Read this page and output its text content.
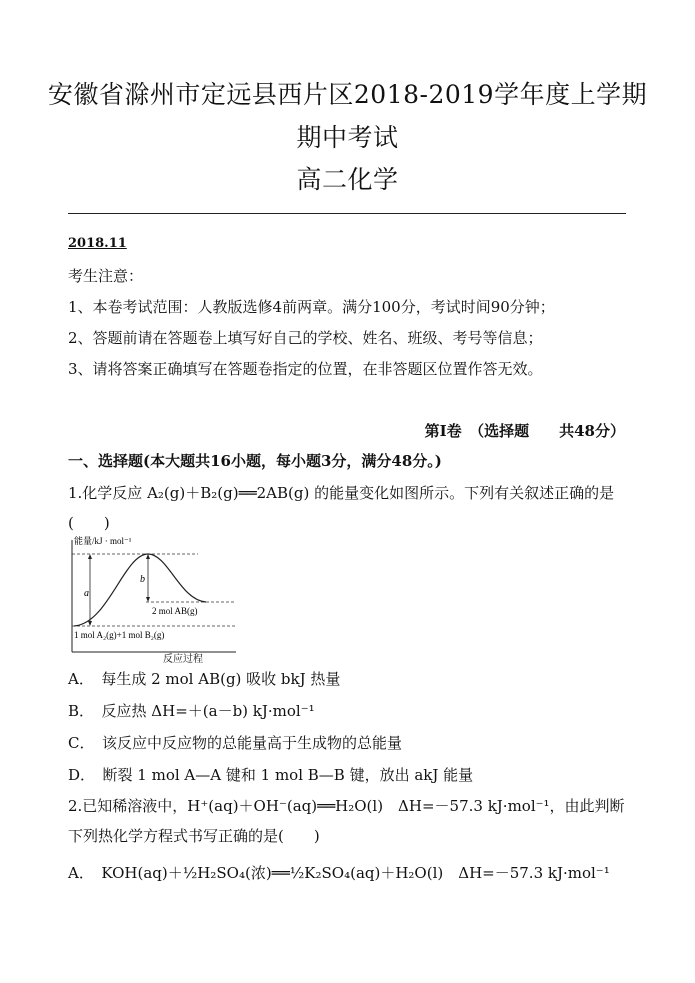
安徽省滁州市定远县西片区2018-2019学年度上学期
期中考试
高二化学
2018.11
考生注意：
1、本卷考试范围：人教版选修4前两章。满分100分，考试时间90分钟；
2、答题前请在答题卷上填写好自己的学校、姓名、班级、考号等信息；
3、请将答案正确填写在答题卷指定的位置，在非答题区位置作答无效。
第I卷　（选择题　　共48分）
一、选择题(本大题共16小题，每小题3分，满分48分。)
1.化学反应 A₂(g)＋B₂(g)══2AB(g) 的能量变化如图所示。下列有关叙述正确的是
(　　)
能量/kJ · mol⁻¹
a
b
2 mol AB(g)
1 mol A₂(g)+1 mol B₂(g)
反应过程
A．　每生成 2 mol AB(g) 吸收 bkJ 热量
B．　反应热 ΔH=＋(a－b) kJ·mol⁻¹
C．　该反应中反应物的总能量高于生成物的总能量
D．　断裂 1 mol A—A 键和 1 mol B—B 键，放出 akJ 能量
2.已知稀溶液中，H⁺(aq)＋OH⁻(aq)══H₂O(l)　ΔH=－57.3 kJ·mol⁻¹，由此判断
下列热化学方程式书写正确的是(　　)
A．　KOH(aq)＋½H₂SO₄(浓)══½K₂SO₄(aq)＋H₂O(l)　ΔH=－57.3 kJ·mol⁻¹
